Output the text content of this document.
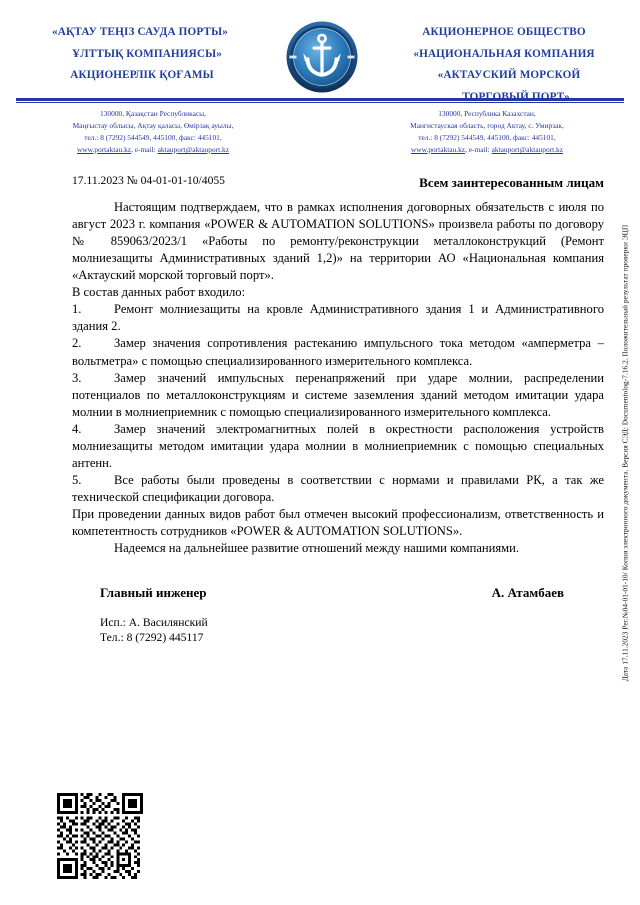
«АҚТАУ ТЕҢІЗ САУДА ПОРТЫ»
ҰЛТТЫҚ КОМПАНИЯСЫ»
АКЦИОНЕРЛІК ҚОҒАМЫ
АКЦИОНЕРНОЕ ОБЩЕСТВО
«НАЦИОНАЛЬНАЯ КОМПАНИЯ
«АКТАУСКИЙ МОРСКОЙ
ТОРГОВЫЙ ПОРТ»
130000, Қазақстан Республикасы,
Маңғыстау облысы, Ақтау қаласы, Өмірзақ ауылы,
тел.: 8 (7292) 544549, 445100, факс: 445101,
www.portaktau.kz, e-mail: aktauport@aktauport.kz
130000, Республика Казахстан,
Мангистауская область, город Актау, с. Умирзак,
тел.: 8 (7292) 544549, 445100, факс: 445101,
www.portaktau.kz, e-mail: aktauport@aktauport.kz
17.11.2023 № 04-01-01-10/4055	Всем заинтересованным лицам

Настоящим подтверждаем, что в рамках исполнения договорных обязательств с июля по август 2023 г. компания «POWER & AUTOMATION SOLUTIONS» произвела работы по договору № 859063/2023/1 «Работы по ремонту/реконструкции металлоконструкций (Ремонт молниезащиты Административных зданий 1,2)» на территории АО «Национальная компания «Актауский морской торговый порт».

В состав данных работ входило:

1.	Ремонт молниезащиты на кровле Административного здания 1 и Административного здания 2.

2.	Замер значения сопротивления растеканию импульсного тока методом «амперметра – вольтметра» с помощью специализированного измерительного комплекса.

3.	Замер значений импульсных перенапряжений при ударе молнии, распределении потенциалов по металлоконструкциям и системе заземления зданий методом имитации удара молнии в молниеприемник с помощью специализированного измерительного комплекса.

4.	Замер значений электромагнитных полей в окрестности расположения устройств молниезащиты методом имитации удара молнии в молниеприемник с помощью специальных антенн.

5.	Все работы были проведены в соответствии с нормами и правилами РК, а так же технической спецификации договора.

При проведении данных видов работ был отмечен высокий профессионализм, ответственность и компетентность сотрудников «POWER & AUTOMATION SOLUTIONS».

Надеемся на дальнейшее развитие отношений между нашими компаниями.

Главный инженер	А. Атамбаев
Исп.: А. Василянский
Тел.: 8 (7292) 445117	Дата 17.11.2023 Рег.№04-01-01-10/ Копия электронного документа. Версия СЭД: Documentolog-7.16.2. Положительный результат проверки ЭЦП
